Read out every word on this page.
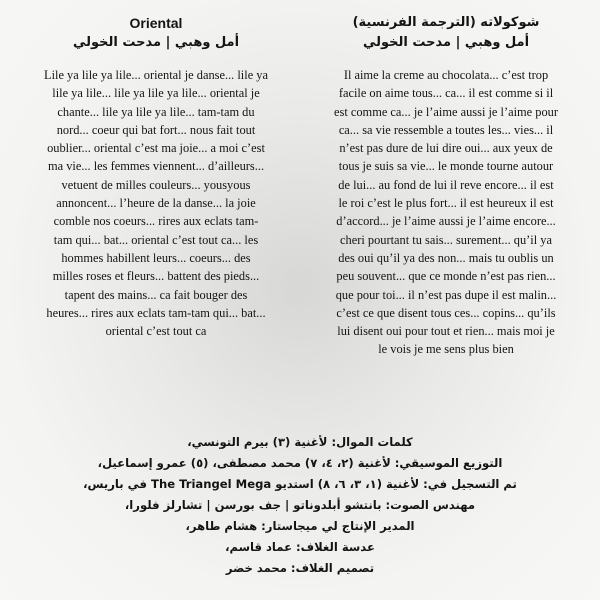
Oriental

أمل وهبي | مدحت الخولي

Lile ya lile ya lile... oriental je danse... lile ya
lile ya lile... lile ya lile ya lile... oriental je
chante... lile ya lile ya lile... tam-tam du
nord... coeur qui bat fort... nous fait tout
oublier... oriental c’est ma joie... a moi c’est
ma vie... les femmes viennent... d’ailleurs...
vetuent de milles couleurs... yousyous
annoncent... l’heure de la danse... la joie
comble nos coeurs... rires aux eclats tam-
tam qui... bat... oriental c’est tout ca... les
hommes habillent leurs... coeurs... des
milles roses et fleurs... battent des pieds...
tapent des mains... ca fait bouger des
heures... rires aux eclats tam-tam qui... bat...
oriental c’est tout ca

شوكولاته (الترجمة الفرنسية)

أمل وهبي | مدحت الخولي

Il aime la creme au chocolata... c’est trop
facile on aime tous... ca... il est comme si il
est comme ca... je l’aime aussi je l’aime pour
ca... sa vie ressemble a toutes les... vies... il
n’est pas dure de lui dire oui... aux yeux de
tous je suis sa vie... le monde tourne autour
de lui... au fond de lui il reve encore... il est
le roi c’est le plus fort... il est heureux il est
d’accord... je l’aime aussi je l’aime encore...
cheri pourtant tu sais... surement... qu’il ya
des oui qu’il ya des non... mais tu oublis un
peu souvent... que ce monde n’est pas rien...
que pour toi... il n’est pas dupe il est malin...
c’est ce que disent tous ces... copins... qu’ils
lui disent oui pour tout et rien... mais moi je
le vois je me sens plus bien
كلمات الموال: لأغنية (٣) بيرم التونسي،
التوزيع الموسيقي: لأغنية (٢، ٤، ٧) محمد مصطفى، (٥) عمرو إسماعيل،
تم التسجيل في: لأغنية (١، ٣، ٦، ٨) استديو The Triangel Mega في باريس،
مهندس الصوت: بانتشو أبلدوناتو | جف بورسن | تشارلز فلورا،
المدير الإنتاج لي ميجاستار: هشام طاهر،
عدسة الغلاف: عماد قاسم،
تصميم الغلاف: محمد خضر
